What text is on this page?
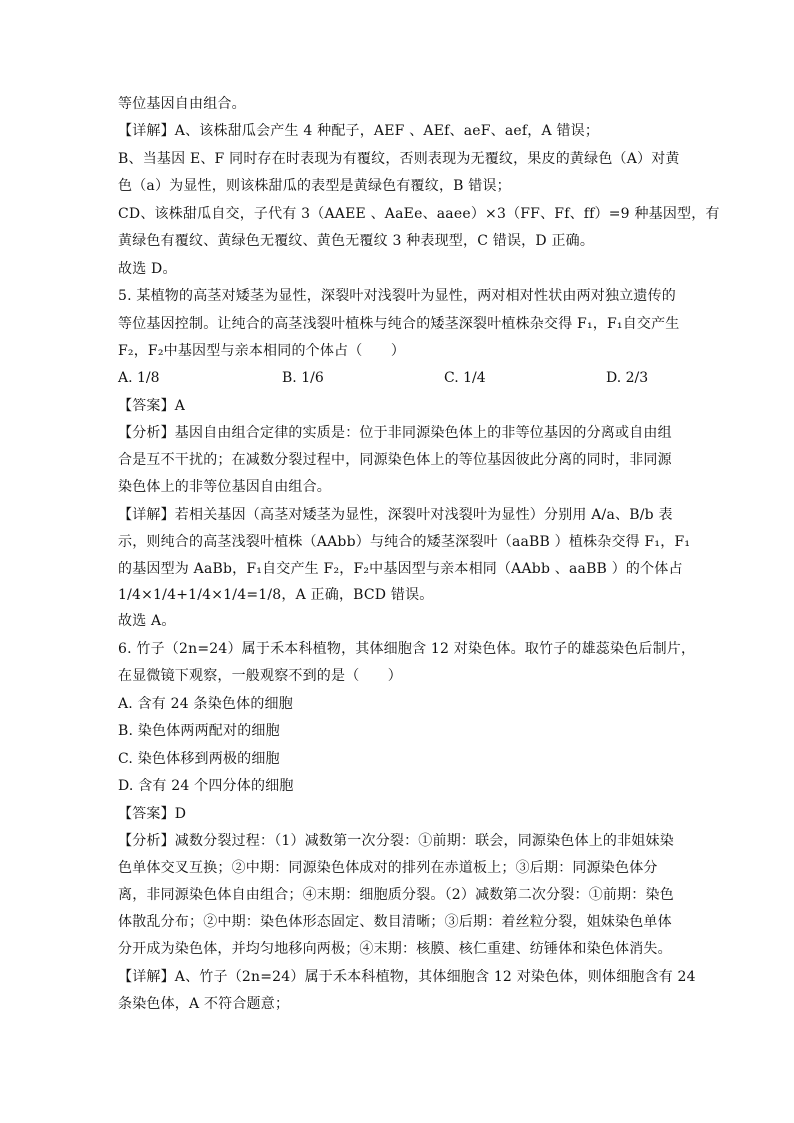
等位基因自由组合。
【详解】A、该株甜瓜会产生 4 种配子，AEF 、AEf、aeF、aef，A 错误；
B、当基因 E、F 同时存在时表现为有覆纹，否则表现为无覆纹，果皮的黄绿色（A）对黄
色（a）为显性，则该株甜瓜的表型是黄绿色有覆纹，B 错误；
CD、该株甜瓜自交，子代有 3（AAEE 、AaEe、aaee）×3（FF、Ff、ff）=9 种基因型，有
黄绿色有覆纹、黄绿色无覆纹、黄色无覆纹 3 种表现型，C 错误，D 正确。
故选 D。
5. 某植物的高茎对矮茎为显性，深裂叶对浅裂叶为显性，两对相对性状由两对独立遗传的
等位基因控制。让纯合的高茎浅裂叶植株与纯合的矮茎深裂叶植株杂交得 F₁，F₁自交产生
F₂，F₂中基因型与亲本相同的个体占（　　）
A. 1/8	B. 1/6	C. 1/4	D. 2/3
【答案】A
【分析】基因自由组合定律的实质是：位于非同源染色体上的非等位基因的分离或自由组
合是互不干扰的；在减数分裂过程中，同源染色体上的等位基因彼此分离的同时，非同源
染色体上的非等位基因自由组合。
【详解】若相关基因（高茎对矮茎为显性，深裂叶对浅裂叶为显性）分别用 A/a、B/b 表
示，则纯合的高茎浅裂叶植株（AAbb）与纯合的矮茎深裂叶（aaBB ）植株杂交得 F₁，F₁
的基因型为 AaBb，F₁自交产生 F₂，F₂中基因型与亲本相同（AAbb 、aaBB ）的个体占
1/4×1/4+1/4×1/4=1/8，A 正确，BCD 错误。
故选 A。
6. 竹子（2n=24）属于禾本科植物，其体细胞含 12 对染色体。取竹子的雄蕊染色后制片，
在显微镜下观察，一般观察不到的是（　　）
A. 含有 24 条染色体的细胞
B. 染色体两两配对的细胞
C. 染色体移到两极的细胞
D. 含有 24 个四分体的细胞
【答案】D
【分析】减数分裂过程：（1）减数第一次分裂：①前期：联会，同源染色体上的非姐妹染
色单体交叉互换；②中期：同源染色体成对的排列在赤道板上；③后期：同源染色体分
离，非同源染色体自由组合；④末期：细胞质分裂。（2）减数第二次分裂：①前期：染色
体散乱分布；②中期：染色体形态固定、数目清晰；③后期：着丝粒分裂，姐妹染色单体
分开成为染色体，并均匀地移向两极；④末期：核膜、核仁重建、纺锤体和染色体消失。
【详解】A、竹子（2n=24）属于禾本科植物，其体细胞含 12 对染色体，则体细胞含有 24
条染色体，A 不符合题意；
